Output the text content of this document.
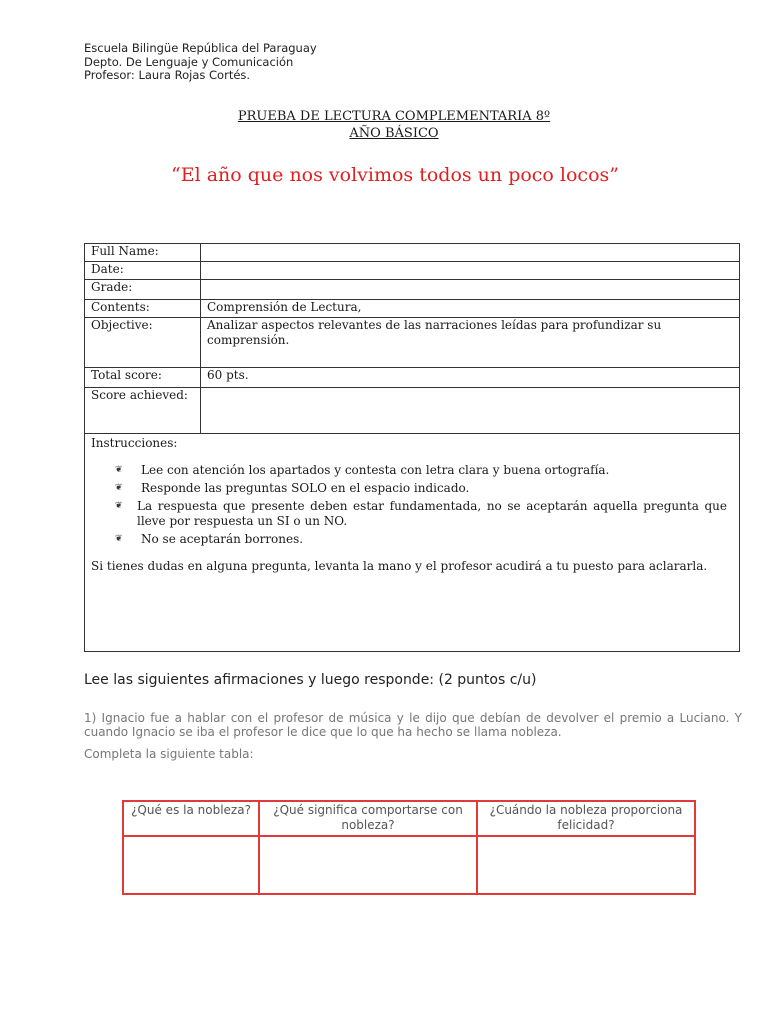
Escuela Bilingüe República del Paraguay
Depto. De Lenguaje y Comunicación
Profesor: Laura Rojas Cortés.
PRUEBA DE LECTURA COMPLEMENTARIA 8º
AÑO BÁSICO
“El año que nos volvimos todos un poco locos”
Full Name:	
Date:	
Grade:	
Contents:	Comprensión de Lectura,
Objective:	Analizar aspectos relevantes de las narraciones leídas para profundizar su comprensión.
Total score:	60 pts.
Score achieved:	
Instrucciones:
❦ Lee con atención los apartados y contesta con letra clara y buena ortografía.
❦ Responde las preguntas SOLO en el espacio indicado.
❦ La respuesta que presente deben estar fundamentada, no se aceptarán aquella pregunta que lleve por respuesta un SI o un NO.
❦ No se aceptarán borrones.
Si tienes dudas en alguna pregunta, levanta la mano y el profesor acudirá a tu puesto para aclararla.
Lee las siguientes afirmaciones y luego responde: (2 puntos c/u)
1) Ignacio fue a hablar con el profesor de música y le dijo que debían de devolver el premio a Luciano. Y cuando Ignacio se iba el profesor le dice que lo que ha hecho se llama nobleza.
Completa la siguiente tabla:
¿Qué es la nobleza?	¿Qué significa comportarse con nobleza?	¿Cuándo la nobleza proporciona felicidad?
